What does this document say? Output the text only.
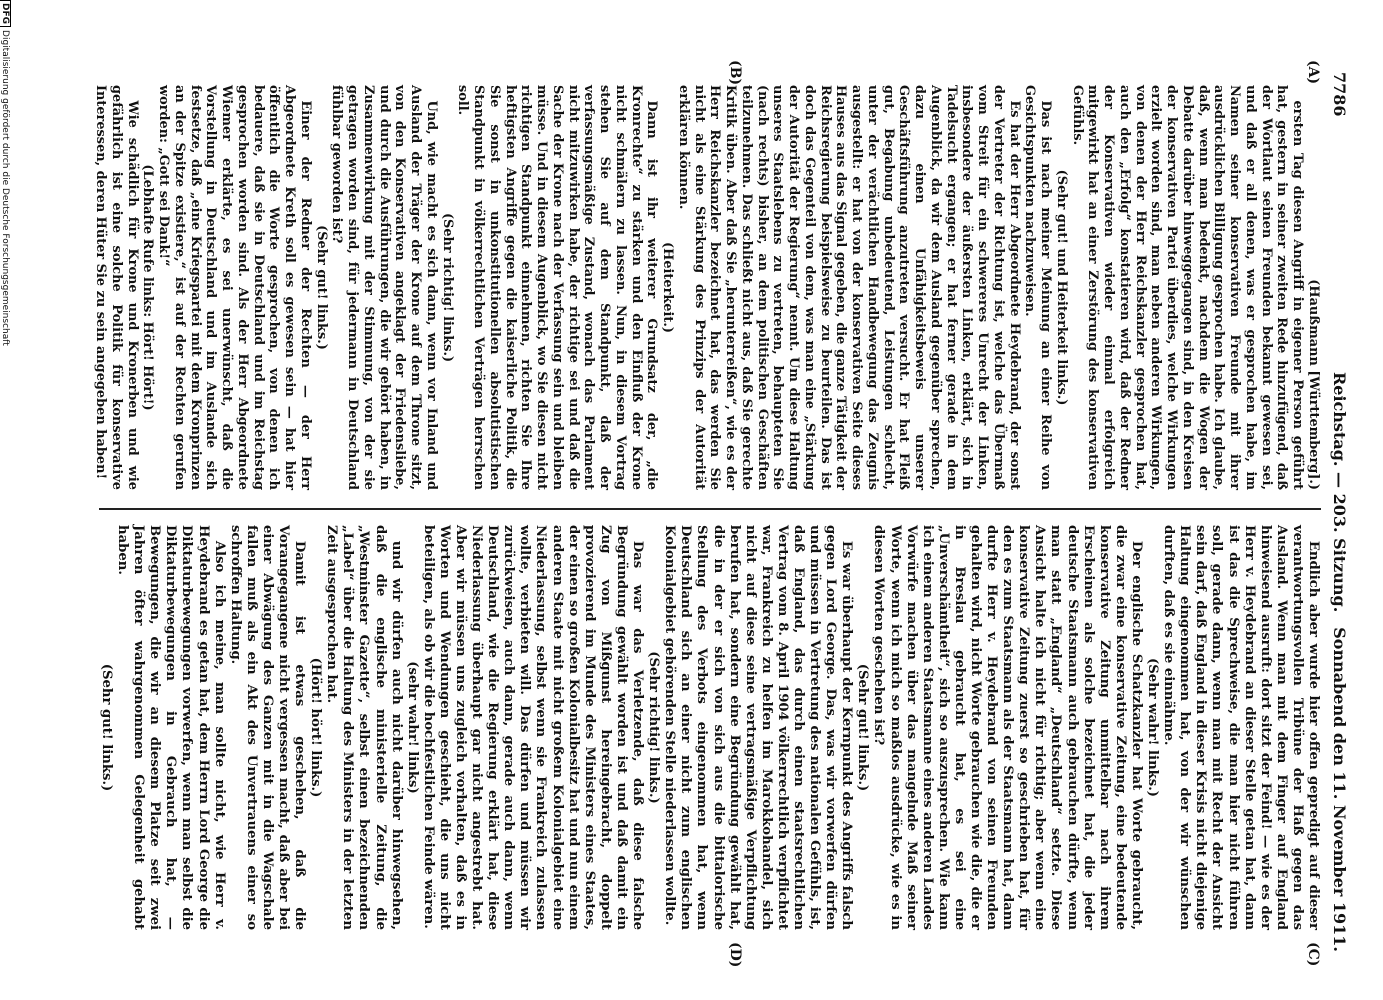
7786
Reichstag. — 203. Sitzung.
Sonnabend den 11. November 1911.
(A)
(B)
(C)
(D)

(Haußmann [Württemberg].)

ersten Tag diesen Angriff in eigener Person geführt hat, gestern in seiner zweiten Rede hinzufügend, daß der Wortlaut seinen Freunden bekannt gewesen sei, und daß er all denen, was er gesprochen habe, im Namen seiner konservativen Freunde mit ihrer ausdrücklichen Billigung gesprochen habe. Ich glaube, daß, wenn man bedenkt, nachdem die Wogen der Debatte darüber hinweggegangen sind, in den Kreisen der konservativen Partei überdies, welche Wirkungen erzielt worden sind, man neben anderen Wirkungen, von denen der Herr Reichskanzler gesprochen hat, auch den „Erfolg“ konstatieren wird, daß der Redner der Konservativen wieder einmal erfolgreich mitgewirkt hat an einer Zerstörung des konservativen Gefühls.

(Sehr gut! und Heiterkeit links.)

Das ist nach meiner Meinung an einer Reihe von Gesichtspunkten nachzuweisen.

Es hat der Herr Abgeordnete Heydebrand, der sonst der Vertreter der Richtung ist, welche das Übermaß vom Streit für ein schwereres Unrecht der Linken, insbesondere der äußersten Linken, erklärt, sich in Tadelsucht ergangen; er hat ferner gerade in dem Augenblick, da wir dem Ausland gegenüber sprechen, dazu einen Unfähigkeitsbeweis unserer Geschäftsführung anzutreten versucht. Er hat Fleiß gut, Begabung unbedeutend, Leistungen schlecht, unter der verächtlichen Handbewegung das Zeugnis ausgestellt: er hat von der konservativen Seite dieses Hauses aus das Signal gegeben, die ganze Tätigkeit der Reichsregierung beispielsweise zu beurteilen. Das ist doch das Gegenteil von dem, was man eine „Stärkung der Autorität der Regierung“ nennt. Um diese Haltung unseres Staatslebens zu vertreten, behaupteten Sie (nach rechts) bisher, an dem politischen Geschäften teilzunehmen. Das schließt nicht aus, daß Sie gerechte Kritik üben. Aber daß Sie „herunterreißen“, wie es der Herr Reichskanzler bezeichnet hat, das werden Sie nicht als eine Stärkung des Prinzips der Autorität erklären können.

(Heiterkeit.)

Dann ist ihr weiterer Grundsatz der, „die Kronrechte“ zu stärken und den Einfluß der Krone nicht schmälern zu lassen. Nun, in diesem Vortrag stehen Sie auf dem Standpunkt, daß der verfassungsmäßige Zustand, wonach das Parlament nicht mitzuwirken habe, der richtige sei und daß die Sache der Krone nach der Verfassung sein und bleiben müsse. Und in diesem Augenblick, wo Sie diesen nicht richtigen Standpunkt einnehmen, richten Sie Ihre heftigsten Angriffe gegen die kaiserliche Politik, die Sie sonst in unkonstitutionellen absolutistischen Standpunkt in völkerrechtlichen Verträgen herrschen soll.

(Sehr richtig! links.)

Und, wie macht es sich dann, wenn vor Inland und Ausland der Träger der Krone auf dem Throne sitzt, von den Konservativen angeklagt der Friedensliebe, und durch die Ausführungen, die wir gehört haben, in Zusammenwirkung mit der Stimmung, von der sie getragen worden sind, für jedermann in Deutschland fühlbar geworden ist?

(Sehr gut! links.)

Einer der Redner der Rechten — der Herr Abgeordnete Kreth soll es gewesen sein — hat hier öffentlich die Worte gesprochen, von denen ich bedauere, daß sie in Deutschland und im Reichstag gesprochen worden sind. Als der Herr Abgeordnete Wiemer erklärte, es sei unerwünscht, daß die Vorstellung in Deutschland und im Auslande sich festsetze, daß „eine Kriegspartei mit dem Kronprinzen an der Spitze existiere,“ ist auf der Rechten gerufen worden: „Gott sei Dank!“

(Lebhafte Rufe links: Hört! Hört!)

Wie schädlich für Krone und Kronerben und wie gefährlich ist eine solche Politik für konservative Interessen, deren Hüter Sie zu sein angegeben haben!

Endlich aber wurde hier offen gepredigt auf dieser verantwortungsvollen Tribüne der Haß gegen das Ausland. Wenn man mit dem Finger auf England hinweisend ausruft: dort sitzt der Feind! — wie es der Herr v. Heydebrand an dieser Stelle getan hat, dann ist das die Sprechweise, die man hier nicht führen soll, gerade dann, wenn man mit Recht der Ansicht sein darf, daß England in dieser Krisis nicht diejenige Haltung eingenommen hat, von der wir wünschen durften, daß es sie einnähme.

(Sehr wahr! links.)

Der englische Schatzkanzler hat Worte gebraucht, die zwar eine konservative Zeitung, eine bedeutende konservative Zeitung unmittelbar nach ihrem Erscheinen als solche bezeichnet hat, die jeder deutsche Staatsmann auch gebrauchen dürfte, wenn man statt „England“ „Deutschland“ setzte. Diese Ansicht halte ich nicht für richtig; aber wenn eine konservative Zeitung zuerst so geschrieben hat, für den es zum Staatsmann als der Staatsmann hat, dann durfte Herr v. Heydebrand von seinen Freunden gehalten wird, nicht Worte gebrauchen wie die, die er in Breslau gebraucht hat, es sei eine „Unverschämtheit“, sich so auszusprechen. Wie kann ich einem anderen Staatsmanne eines anderen Landes Vorwürfe machen über das mangelnde Maß seiner Worte, wenn ich mich so maßlos ausdrücke, wie es in diesen Worten geschehen ist?

(Sehr gut! links.)

Es war überhaupt der Kernpunkt des Angriffs falsch gegen Lord George. Das, was wir vorwerfen dürfen und müssen in Vertretung des nationalen Gefühls, ist, daß England, das durch einen staatsrechtlichen Vertrag vom 8. April 1904 völkerrechtlich verpflichtet war, Frankreich zu helfen im Marokkohandel, sich nicht auf diese seine vertragsmäßige Verpflichtung berufen hat, sondern eine Begründung gewählt hat, die in der er sich von sich aus die bittalorische Stellung des Verbots eingenommen hat, wenn Deutschland sich an einer nicht zum englischen Kolonialgebiet gehörenden Stelle niederlassen wollte.

(Sehr richtig! links.)

Das war das Verletzende, daß diese falsche Begründung gewählt worden ist und daß damit ein Zug von Mißgunst hereingebracht, doppelt provozierend im Munde des Ministers eines Staates, der einen so großen Kolonialbesitz hat und nun einem anderen Staate mit nicht großem Kolonialgebiet eine Niederlassung, selbst wenn sie Frankreich zulassen wollte, verbieten will. Das dürfen und müssen wir zurückweisen, auch dann, gerade auch dann, wenn Deutschland, wie die Regierung erklärt hat, diese Niederlassung überhaupt gar nicht angestrebt hat. Aber wir müssen uns zugleich vorhalten, daß es in Worten und Wendungen geschieht, die uns nicht beteiligen, als ob wir die hochfestlichen Feinde wären.

(sehr wahr! links)

und wir dürfen auch nicht darüber hinwegsehen, daß die englische ministerielle Zeitung, die „Westminster Gazette“, selbst einen bezeichnenden „Label“ über die Haltung des Ministers in der letzten Zeit ausgesprochen hat.

(Hört! hört! links.)

Damit ist etwas geschehen, daß die Vorangegangene nicht vergessen macht, daß aber bei einer Abwägung des Ganzen mit in die Wagschale fallen muß als ein Akt des Unvertrauens einer so schroffen Haltung.

Also ich meine, man sollte nicht, wie Herr v. Heydebrand es getan hat, dem Herrn Lord George die Diktaturbewegungen vorwerfen, wenn man selbst die Diktaturbewegungen in Gebrauch hat, — Bewegungen, die wir an diesem Platze seit zwei Jahren öfter wahrgenommen Gelegenheit gehabt haben.

(Sehr gut! links.)

DFGDigitalisierung gefördert durch die Deutsche Forschungsgemeinschaft
